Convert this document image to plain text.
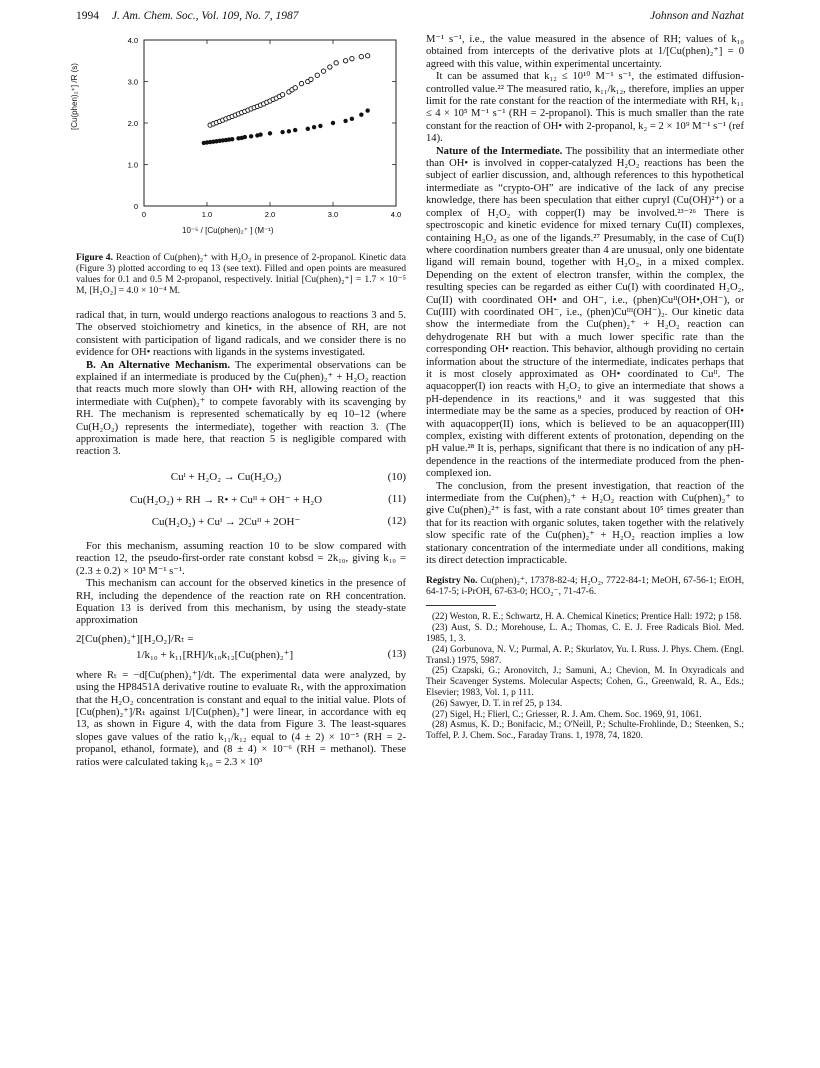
1994 J. Am. Chem. Soc., Vol. 109, No. 7, 1987	Johnson and Nazhat
0
0
1.0
1.0
2.0
2.0
3.0
3.0
4.0
4.0
[Cu(phen)₂⁺] /R (s)
10⁻⁵ / [Cu(phen)₂⁺ ] (M⁻¹)
Figure 4. Reaction of Cu(phen)₂⁺ with H₂O₂ in presence of 2-propanol. Kinetic data (Figure 3) plotted according to eq 13 (see text). Filled and open points are measured values for 0.1 and 0.5 M 2-propanol, respectively. Initial [Cu(phen)₂⁺] = 1.7 × 10⁻⁵ M, [H₂O₂] = 4.0 × 10⁻⁴ M.

radical that, in turn, would undergo reactions analogous to reactions 3 and 5. The observed stoichiometry and kinetics, in the absence of RH, are not consistent with participation of ligand radicals, and we consider there is no evidence for OH• reactions with ligands in the systems investigated.

B. An Alternative Mechanism. The experimental observations can be explained if an intermediate is produced by the Cu(phen)₂⁺ + H₂O₂ reaction that reacts much more slowly than OH• with RH, allowing reaction of the intermediate with Cu(phen)₂⁺ to compete favorably with its scavenging by RH. The mechanism is represented schematically by eq 10–12 (where Cu(H₂O₂) represents the intermediate), together with reaction 3. (The approximation is made here, that reaction 5 is negligible compared with reaction 3.

Cuᴵ + H₂O₂ → Cu(H₂O₂)	(10)
Cu(H₂O₂) + RH → R• + Cuᴵᴵ + OH⁻ + H₂O	(11)
Cu(H₂O₂) + Cuᴵ → 2Cuᴵᴵ + 2OH⁻	(12)

For this mechanism, assuming reaction 10 to be slow compared with reaction 12, the pseudo-first-order rate constant kobsd = 2k₁₀, giving k₁₀ = (2.3 ± 0.2) × 10³ M⁻¹ s⁻¹.

This mechanism can account for the observed kinetics in the presence of RH, including the dependence of the reaction rate on RH concentration. Equation 13 is derived from this mechanism, by using the steady-state approximation

2[Cu(phen)₂⁺][H₂O₂]/Rₜ =
1/k₁₀ + k₁₁[RH]/k₁₀k₁₂[Cu(phen)₂⁺]	(13)

where Rₜ = −d[Cu(phen)₂⁺]/dt. The experimental data were analyzed, by using the HP8451A derivative routine to evaluate Rₜ, with the approximation that the H₂O₂ concentration is constant and equal to the initial value. Plots of [Cu(phen)₂⁺]/Rₜ against 1/[Cu(phen)₂⁺] were linear, in accordance with eq 13, as shown in Figure 4, with the data from Figure 3. The least-squares slopes gave values of the ratio k₁₁/k₁₂ equal to (4 ± 2) × 10⁻⁵ (RH = 2-propanol, ethanol, formate), and (8 ± 4) × 10⁻⁶ (RH = methanol). These ratios were calculated taking k₁₀ = 2.3 × 10³

M⁻¹ s⁻¹, i.e., the value measured in the absence of RH; values of k₁₀ obtained from intercepts of the derivative plots at 1/[Cu(phen)₂⁺] = 0 agreed with this value, within experimental uncertainty.

It can be assumed that k₁₂ ≤ 10¹⁰ M⁻¹ s⁻¹, the estimated diffusion-controlled value.²² The measured ratio, k₁₁/k₁₂, therefore, implies an upper limit for the rate constant for the reaction of the intermediate with RH, k₁₁ ≤ 4 × 10⁵ M⁻¹ s⁻¹ (RH = 2-propanol). This is much smaller than the rate constant for the reaction of OH• with 2-propanol, k₂ = 2 × 10⁹ M⁻¹ s⁻¹ (ref 14).

Nature of the Intermediate. The possibility that an intermediate other than OH• is involved in copper-catalyzed H₂O₂ reactions has been the subject of earlier discussion, and, although references to this hypothetical intermediate as “crypto-OH” are indicative of the lack of any precise knowledge, there has been speculation that either cupryl (Cu(OH)²⁺) or a complex of H₂O₂ with copper(I) may be involved.²³⁻²⁶ There is spectroscopic and kinetic evidence for mixed ternary Cu(II) complexes, containing H₂O₂ as one of the ligands.²⁷ Presumably, in the case of Cu(I) where coordination numbers greater than 4 are unusual, only one bidentate ligand will remain bound, together with H₂O₂, in a mixed complex. Depending on the extent of electron transfer, within the complex, the resulting species can be regarded as either Cu(I) with coordinated H₂O₂, Cu(II) with coordinated OH• and OH⁻, i.e., (phen)Cuᴵᴵ(OH•,OH⁻), or Cu(III) with coordinated OH⁻, i.e., (phen)Cuᴵᴵᴵ(OH⁻)₂. Our kinetic data show the intermediate from the Cu(phen)₂⁺ + H₂O₂ reaction can dehydrogenate RH but with a much lower specific rate than the corresponding OH• reaction. This behavior, although providing no certain information about the structure of the intermediate, indicates perhaps that it is most closely approximated as OH• coordinated to Cuᴵᴵ. The aquacopper(I) ion reacts with H₂O₂ to give an intermediate that shows a pH-dependence in its reactions,⁹ and it was suggested that this intermediate may be the same as a species, produced by reaction of OH• with aquacopper(II) ions, which is believed to be an aquacopper(III) complex, existing with different extents of protonation, depending on the pH value.²⁸ It is, perhaps, significant that there is no indication of any pH-dependence in the reactions of the intermediate produced from the phen-complexed ion.

The conclusion, from the present investigation, that reaction of the intermediate from the Cu(phen)₂⁺ + H₂O₂ reaction with Cu(phen)₂⁺ to give Cu(phen)₂²⁺ is fast, with a rate constant about 10⁵ times greater than that for its reaction with organic solutes, taken together with the relatively slow specific rate of the Cu(phen)₂⁺ + H₂O₂ reaction implies a low stationary concentration of the intermediate under all conditions, making its direct detection impracticable.

Registry No. Cu(phen)₂⁺, 17378-82-4; H₂O₂, 7722-84-1; MeOH, 67-56-1; EtOH, 64-17-5; i-PrOH, 67-63-0; HCO₂⁻, 71-47-6.
(22) Weston, R. E.; Schwartz, H. A. Chemical Kinetics; Prentice Hall: 1972; p 158.
(23) Aust, S. D.; Morehouse, L. A.; Thomas, C. E. J. Free Radicals Biol. Med. 1985, 1, 3.
(24) Gorbunova, N. V.; Purmal, A. P.; Skurlatov, Yu. I. Russ. J. Phys. Chem. (Engl. Transl.) 1975, 5987.
(25) Czapski, G.; Aronovitch, J.; Samuni, A.; Chevion, M. In Oxyradicals and Their Scavenger Systems. Molecular Aspects; Cohen, G., Greenwald, R. A., Eds.; Elsevier; 1983, Vol. 1, p 111.
(26) Sawyer, D. T. in ref 25, p 134.
(27) Sigel, H.; Flierl, C.; Griesser, R. J. Am. Chem. Soc. 1969, 91, 1061.
(28) Asmus, K. D.; Bonifacic, M.; O'Neill, P.; Schulte-Frohlinde, D.; Steenken, S.; Toffel, P. J. Chem. Soc., Faraday Trans. 1, 1978, 74, 1820.
